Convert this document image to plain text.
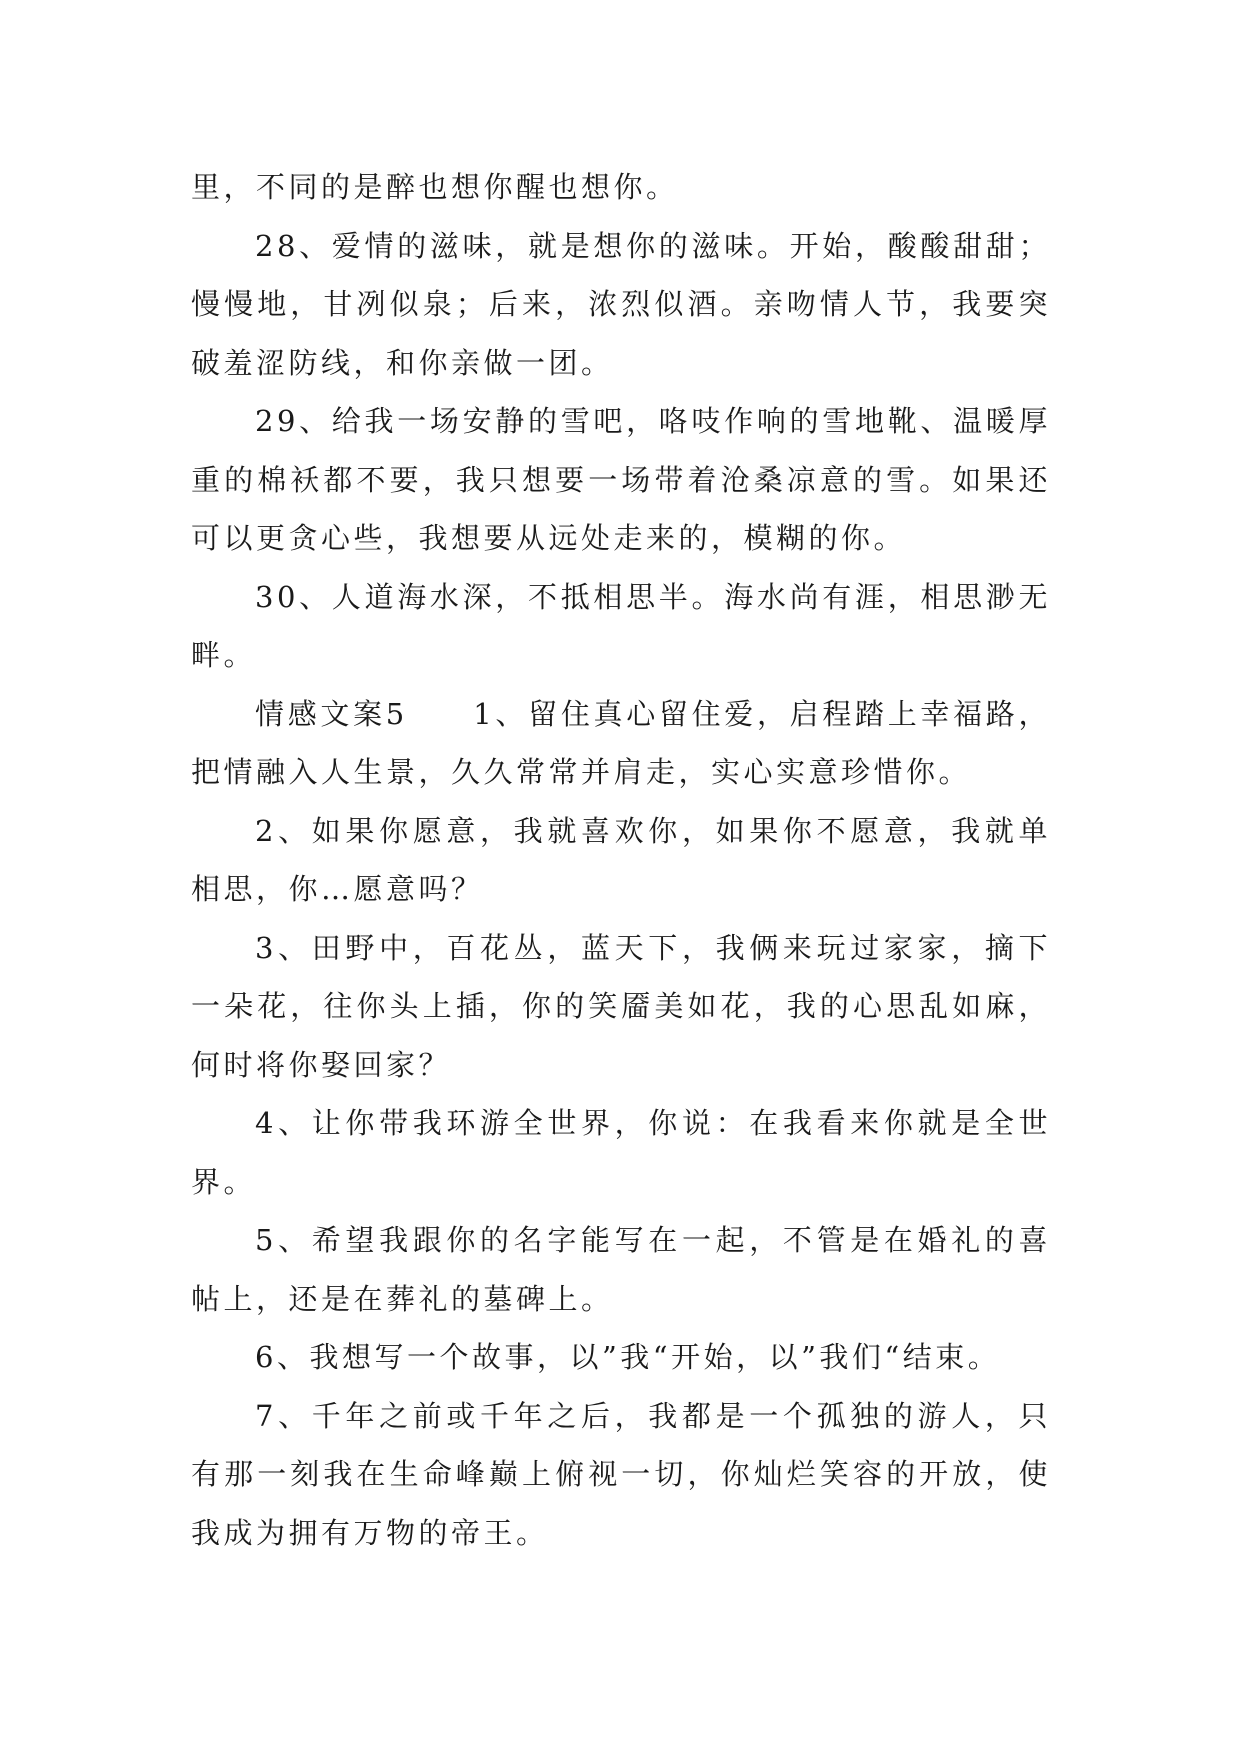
里，不同的是醉也想你醒也想你。

28、爱情的滋味，就是想你的滋味。开始，酸酸甜甜；慢慢地，甘冽似泉；后来，浓烈似酒。亲吻情人节，我要突破羞涩防线，和你亲做一团。

29、给我一场安静的雪吧，咯吱作响的雪地靴、温暖厚重的棉袄都不要，我只想要一场带着沧桑凉意的雪。如果还可以更贪心些，我想要从远处走来的，模糊的你。

30、人道海水深，不抵相思半。海水尚有涯，相思渺无畔。

情感文案5　　1、留住真心留住爱，启程踏上幸福路，把情融入人生景，久久常常并肩走，实心实意珍惜你。

2、如果你愿意，我就喜欢你，如果你不愿意，我就单相思，你…愿意吗？

3、田野中，百花丛，蓝天下，我俩来玩过家家，摘下一朵花，往你头上插，你的笑靥美如花，我的心思乱如麻，何时将你娶回家？

4、让你带我环游全世界，你说：在我看来你就是全世界。

5、希望我跟你的名字能写在一起，不管是在婚礼的喜帖上，还是在葬礼的墓碑上。

6、我想写一个故事，以”我“开始，以”我们“结束。

7、千年之前或千年之后，我都是一个孤独的游人，只有那一刻我在生命峰巅上俯视一切，你灿烂笑容的开放，使我成为拥有万物的帝王。
